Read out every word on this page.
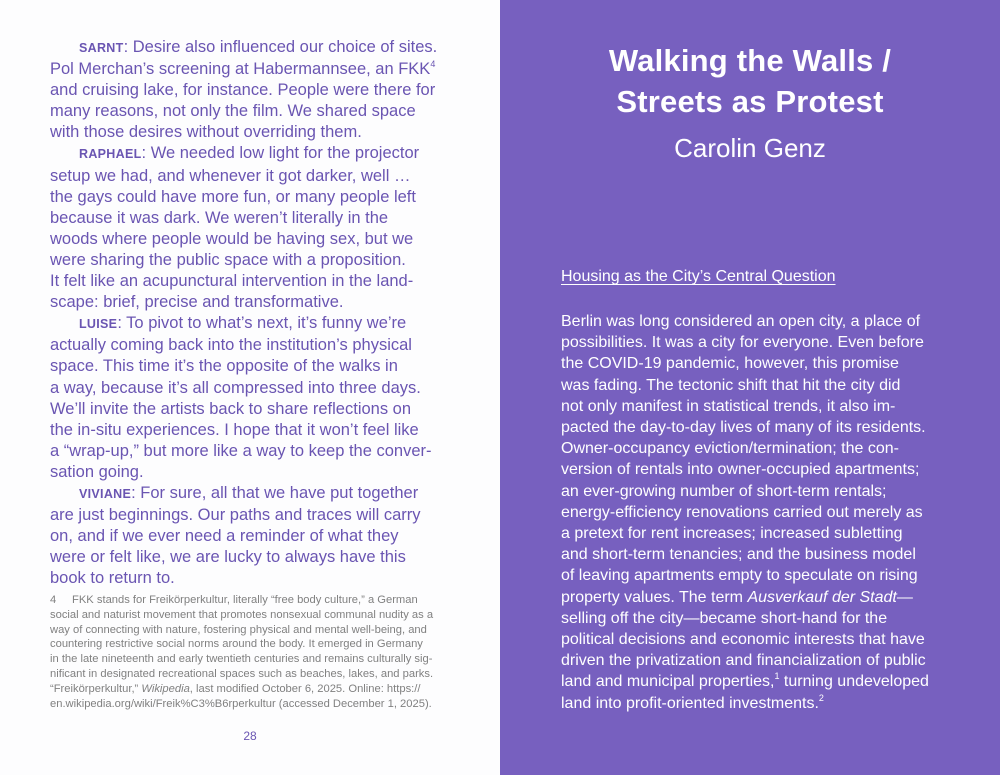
SARNT: Desire also influenced our choice of sites.
Pol Merchan’s screening at Habermannsee, an FKK$^4$
and cruising lake, for instance. People were there for
many reasons, not only the film. We shared space
with those desires without overriding them.
RAPHAEL: We needed low light for the projector
setup we had, and whenever it got darker, well …
the gays could have more fun, or many people left
because it was dark. We weren’t literally in the
woods where people would be having sex, but we
were sharing the public space with a proposition.
It felt like an acupunctural intervention in the land-
scape: brief, precise and transformative.
LUISE: To pivot to what’s next, it’s funny we’re
actually coming back into the institution’s physical
space. This time it’s the opposite of the walks in
a way, because it’s all compressed into three days.
We’ll invite the artists back to share reflections on
the in-situ experiences. I hope that it won’t feel like
a “wrap-up,” but more like a way to keep the conver-
sation going.
VIVIANE: For sure, all that we have put together
are just beginnings. Our paths and traces will carry
on, and if we ever need a reminder of what they
were or felt like, we are lucky to always have this
book to return to.
4 FKK stands for Freikörperkultur, literally “free body culture,” a German
social and naturist movement that promotes nonsexual communal nudity as a
way of connecting with nature, fostering physical and mental well-being, and
countering restrictive social norms around the body. It emerged in Germany
in the late nineteenth and early twentieth centuries and remains culturally sig-
nificant in designated recreational spaces such as beaches, lakes, and parks.
“Freikörperkultur,” Wikipedia, last modified October 6, 2025. Online: https://
en.wikipedia.org/wiki/Freik%C3%B6rperkultur (accessed December 1, 2025).
28
Walking the Walls /
Streets as Protest
Carolin Genz
Housing as the City’s Central Question
Berlin was long considered an open city, a place of
possibilities. It was a city for everyone. Even before
the COVID-19 pandemic, however, this promise
was fading. The tectonic shift that hit the city did
not only manifest in statistical trends, it also im-
pacted the day-to-day lives of many of its residents.
Owner-occupancy eviction/termination; the con-
version of rentals into owner-occupied apartments;
an ever-growing number of short-term rentals;
energy-efficiency renovations carried out merely as
a pretext for rent increases; increased subletting
and short-term tenancies; and the business model
of leaving apartments empty to speculate on rising
property values. The term Ausverkauf der Stadt—
selling off the city—became short-hand for the
political decisions and economic interests that have
driven the privatization and financialization of public
land and municipal properties,$^1$ turning undeveloped
land into profit-oriented investments.$^2$
